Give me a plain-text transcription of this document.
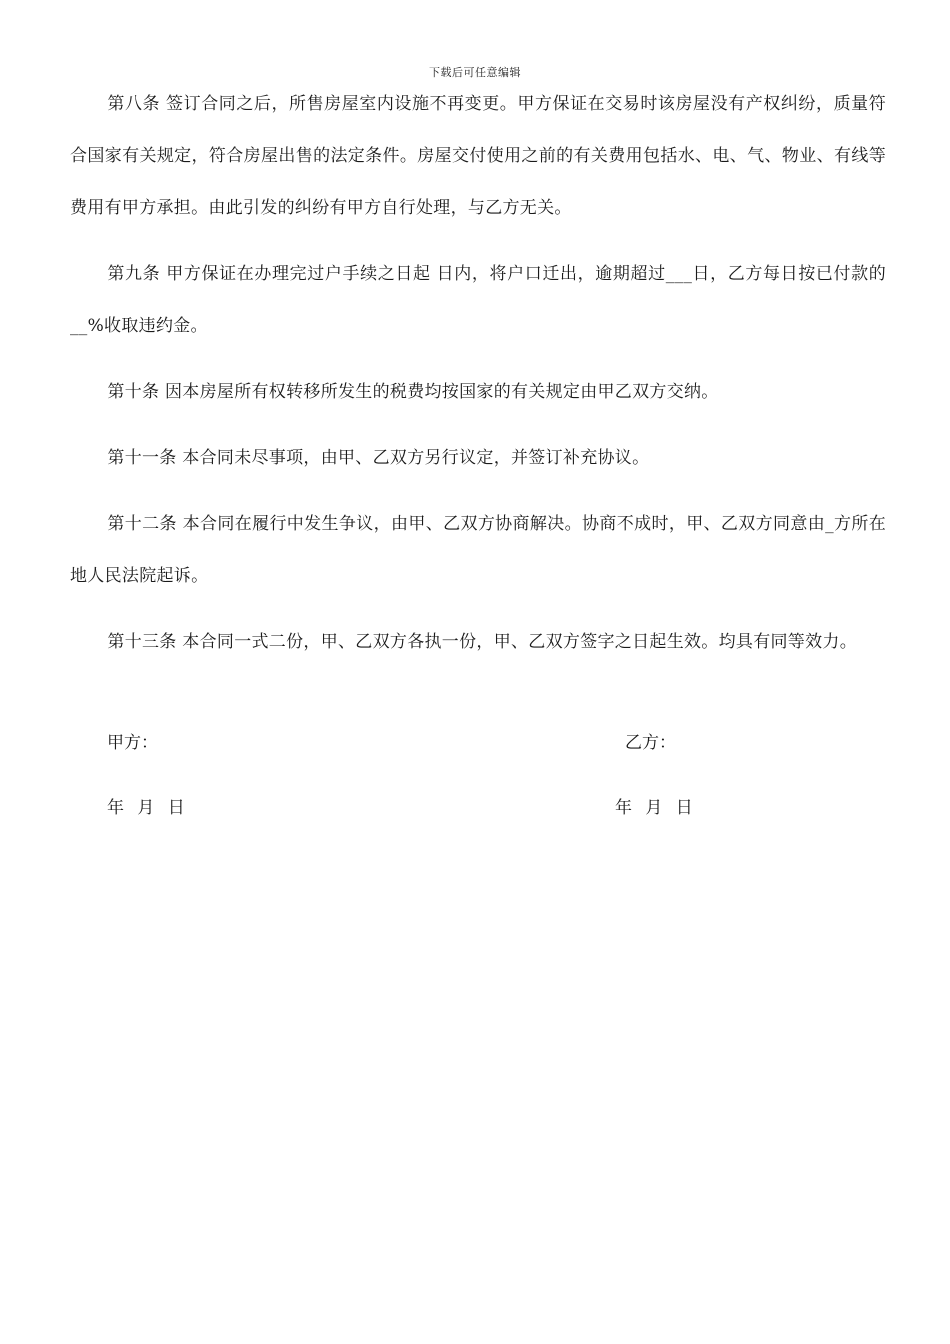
下载后可任意编辑

第八条 签订合同之后，所售房屋室内设施不再变更。甲方保证在交易时该房屋没有产权纠纷，质量符合国家有关规定，符合房屋出售的法定条件。房屋交付使用之前的有关费用包括水、电、气、物业、有线等费用有甲方承担。由此引发的纠纷有甲方自行处理，与乙方无关。

第九条 甲方保证在办理完过户手续之日起 日内，将户口迁出，逾期超过___日，乙方每日按已付款的__%收取违约金。

第十条 因本房屋所有权转移所发生的税费均按国家的有关规定由甲乙双方交纳。

第十一条 本合同未尽事项，由甲、乙双方另行议定，并签订补充协议。

第十二条 本合同在履行中发生争议，由甲、乙双方协商解决。协商不成时，甲、乙双方同意由_方所在地人民法院起诉。

第十三条 本合同一式二份，甲、乙双方各执一份，甲、乙双方签字之日起生效。均具有同等效力。

甲方：	乙方：
年 月 日	年 月 日
